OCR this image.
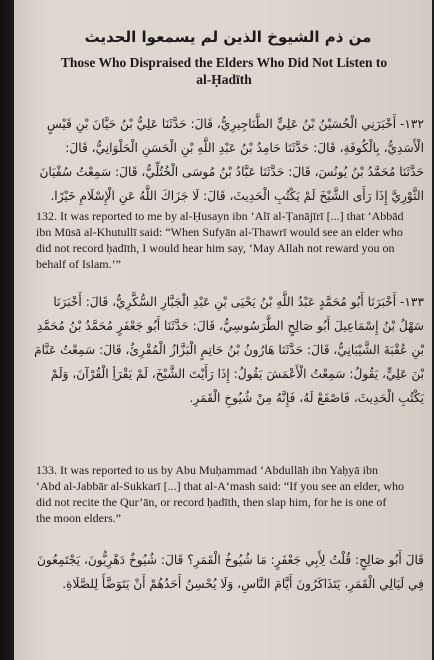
من ذم الشيوخ الذين لم يسمعوا الحديث
Those Who Dispraised the Elders Who Did Not Listen to
al-Ḥadīth

١٣٢- أَخْبَرَنِي الْحُسَيْنُ بْنُ عَلِيٍّ الطَّنَاجِيرِيُّ، قَالَ: حَدَّثَنَا عَلِيُّ بْنُ حَيَّانَ بْنِ قَيْسٍ

الْأَسَدِيُّ، بِالْكُوفَةِ، قَالَ: حَدَّثَنَا حَامِدُ بْنُ عَبْدِ اللَّهِ بْنِ الْحَسَنِ الْحَلْوَانِيُّ، قَالَ:

حَدَّثَنَا مُحَمَّدُ بْنُ يُونُسَ، قَالَ: حَدَّثَنَا عَبَّادُ بْنُ مُوسَى الْخُتُلِّيُّ، قَالَ: سَمِعْتُ سُفْيَانَ

الثَّوْرِيَّ إِذَا رَأَى الشَّيْخَ لَمْ يَكْتُبِ الْحَدِيثَ، قَالَ: لَا جَزَاكَ اللَّهُ عَنِ الْإِسْلَامِ خَيْرًا.

132. It was reported to me by al-Ḥusayn ibn ‘Alī al-Ṭanājīrī [...] that ‘Abbād

ibn Mūsā al-Khutullī said: “When Sufyān al-Thawrī would see an elder who

did not record ḥadīth, I would hear him say, ‘May Allah not reward you on

behalf of Islam.’”

١٣٣- أَخْبَرَنَا أَبُو مُحَمَّدٍ عَبْدُ اللَّهِ بْنُ يَحْيَى بْنِ عَبْدِ الْجَبَّارِ السُّكَّرِيُّ، قَالَ: أَخْبَرَنَا

سَهْلُ بْنُ إِسْمَاعِيلَ أَبُو صَالِحٍ الطَّرَسُوسِيُّ، قَالَ: حَدَّثَنَا أَبُو جَعْفَرٍ مُحَمَّدُ بْنُ مُحَمَّدِ

بْنِ عُقْبَةَ الشَّيْبَانِيُّ، قَالَ: حَدَّثَنَا هَارُونُ بْنُ حَاتِمٍ الْبَزَّازُ الْمُقْرِئُ، قَالَ: سَمِعْتُ عَنَّامَ

بْنَ عَلِيٍّ، يَقُولُ: سَمِعْتُ الْأَعْمَشَ يَقُولُ: إِذَا رَأَيْتَ الشَّيْخَ، لَمْ يَقْرَأِ الْقُرْآنَ، وَلَمْ

يَكْتُبِ الْحَدِيثَ، فَاصْفَعْ لَهُ، فَإِنَّهُ مِنْ شُيُوخِ الْقَمَرِ.

133. It was reported to us by Abu Muḥammad ‘Abdullāh ibn Yaḥyā ibn

‘Abd al-Jabbār al-Sukkarī [...] that al-A‘mash said: “If you see an elder, who

did not recite the Qur’ān, or record ḥadīth, then slap him, for he is one of

the moon elders.”

قَالَ أَبُو صَالِحٍ: قُلْتُ لِأَبِي جَعْفَرٍ: مَا شُيُوخُ الْقَمَرِ؟ قَالَ: شُيُوخٌ دَهْرِيُّونَ، يَجْتَمِعُونَ

فِي لَيَالِي الْقَمَرِ، يَتَذَاكَرُونَ أَيَّامَ النَّاسِ، وَلَا يُحْسِنُ أَحَدُهُمْ أَنْ يَتَوَضَّأَ لِلصَّلَاةِ.
